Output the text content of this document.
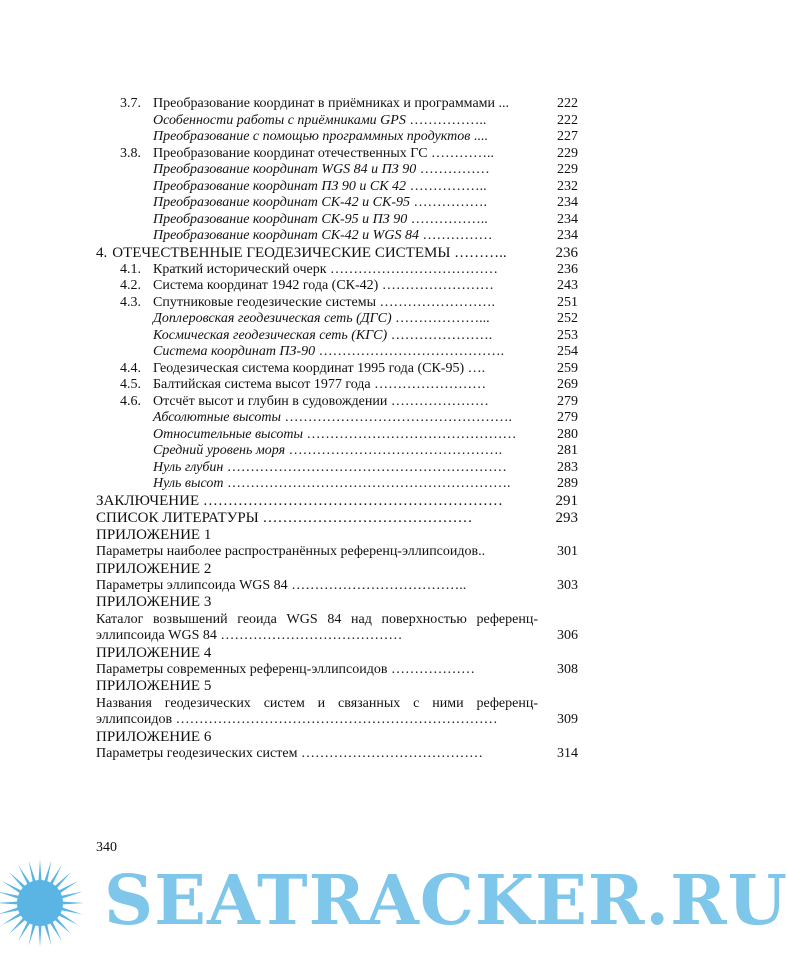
3.7. Преобразование координат в приёмниках и программами ...	222
Особенности работы с приёмниками GPS ……………..	222
Преобразование с помощью программных продуктов ....	227
3.8. Преобразование координат отечественных ГС …………..	229
Преобразование координат WGS 84 и ПЗ 90 ……………	229
Преобразование координат ПЗ 90 и СК 42 ……………..	232
Преобразование координат СК-42 и СК-95 …………….	234
Преобразование координат СК-95 и ПЗ 90 ……………..	234
Преобразование координат СК-42 и WGS 84 ……………	234
4. ОТЕЧЕСТВЕННЫЕ ГЕОДЕЗИЧЕСКИЕ СИСТЕМЫ ………..	236
4.1. Краткий исторический очерк ………………………………	236
4.2. Система координат 1942 года (СК-42) ……………………	243
4.3. Спутниковые геодезические системы …………………….	251
Доплеровская геодезическая сеть (ДГС) ………………...	252
Космическая геодезическая сеть (КГС) ………………….	253
Система координат ПЗ-90 ………………………………….	254
4.4. Геодезическая система координат 1995 года (СК-95) ….	259
4.5. Балтийская система высот 1977 года ……………………	269
4.6. Отсчёт высот и глубин в судовождении …………………	279
Абсолютные высоты ………………………………………….	279
Относительные высоты ………………………………………	280
Средний уровень моря ……………………………………….	281
Нуль глубин ……………………………………………………	283
Нуль высот …………………………………………………….	289
ЗАКЛЮЧЕНИЕ ……………………………………………………	291
СПИСОК ЛИТЕРАТУРЫ ……………………………………	293
ПРИЛОЖЕНИЕ 1
Параметры наиболее распространённых референц-эллипсоидов..	301
ПРИЛОЖЕНИЕ 2
Параметры эллипсоида WGS 84 ………………………………..	303
ПРИЛОЖЕНИЕ 3
Каталог возвышений геоида WGS 84 над поверхностью референц-эллипсоида WGS 84 …………………………………	306
ПРИЛОЖЕНИЕ 4
Параметры современных референц-эллипсоидов ………………	308
ПРИЛОЖЕНИЕ 5
Названия геодезических систем и связанных с ними референц-эллипсоидов ……………………………………………………………	309
ПРИЛОЖЕНИЕ 6
Параметры геодезических систем …………………………………	314
340
SEATRACKER.RU
